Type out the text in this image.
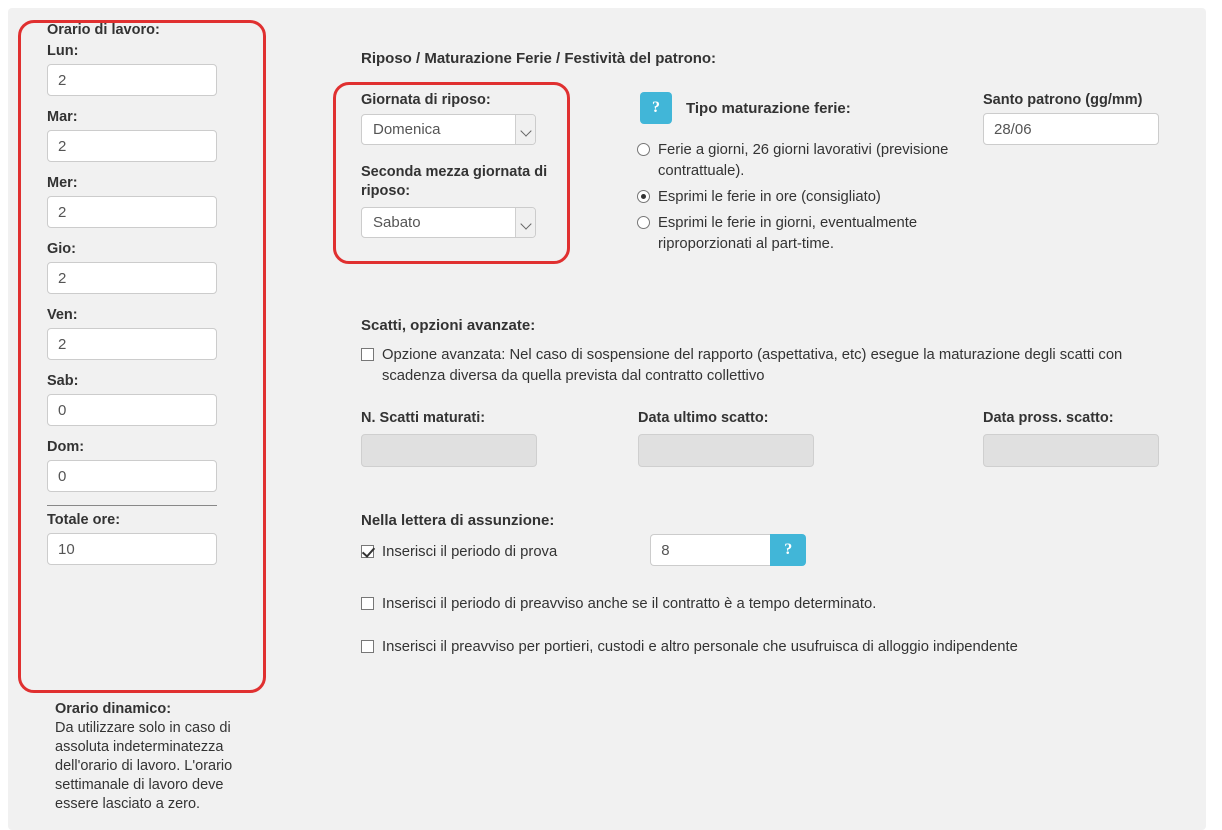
Orario di lavoro:
Lun:
2
Mar:
2
Mer:
2
Gio:
2
Ven:
2
Sab:
0
Dom:
0
Totale ore:
10
Orario dinamico:
Da utilizzare solo in caso di assoluta indeterminatezza dell'orario di lavoro. L'orario settimanale di lavoro deve essere lasciato a zero.
Riposo / Maturazione Ferie / Festività del patrono:
Giornata di riposo:
Domenica
Seconda mezza giornata di riposo:
Sabato
?	Tipo maturazione ferie:
Ferie a giorni, 26 giorni lavorativi (previsione contrattuale).
Esprimi le ferie in ore (consigliato)
Esprimi le ferie in giorni, eventualmente riproporzionati al part-time.
Santo patrono (gg/mm)
28/06
Scatti, opzioni avanzate:
Opzione avanzata: Nel caso di sospensione del rapporto (aspettativa, etc) esegue la maturazione degli scatti con scadenza diversa da quella prevista dal contratto collettivo
N. Scatti maturati:	Data ultimo scatto:	Data pross. scatto:
Nella lettera di assunzione:
Inserisci il periodo di prova
8	?
Inserisci il periodo di preavviso anche se il contratto è a tempo determinato.
Inserisci il preavviso per portieri, custodi e altro personale che usufruisca di alloggio indipendente
